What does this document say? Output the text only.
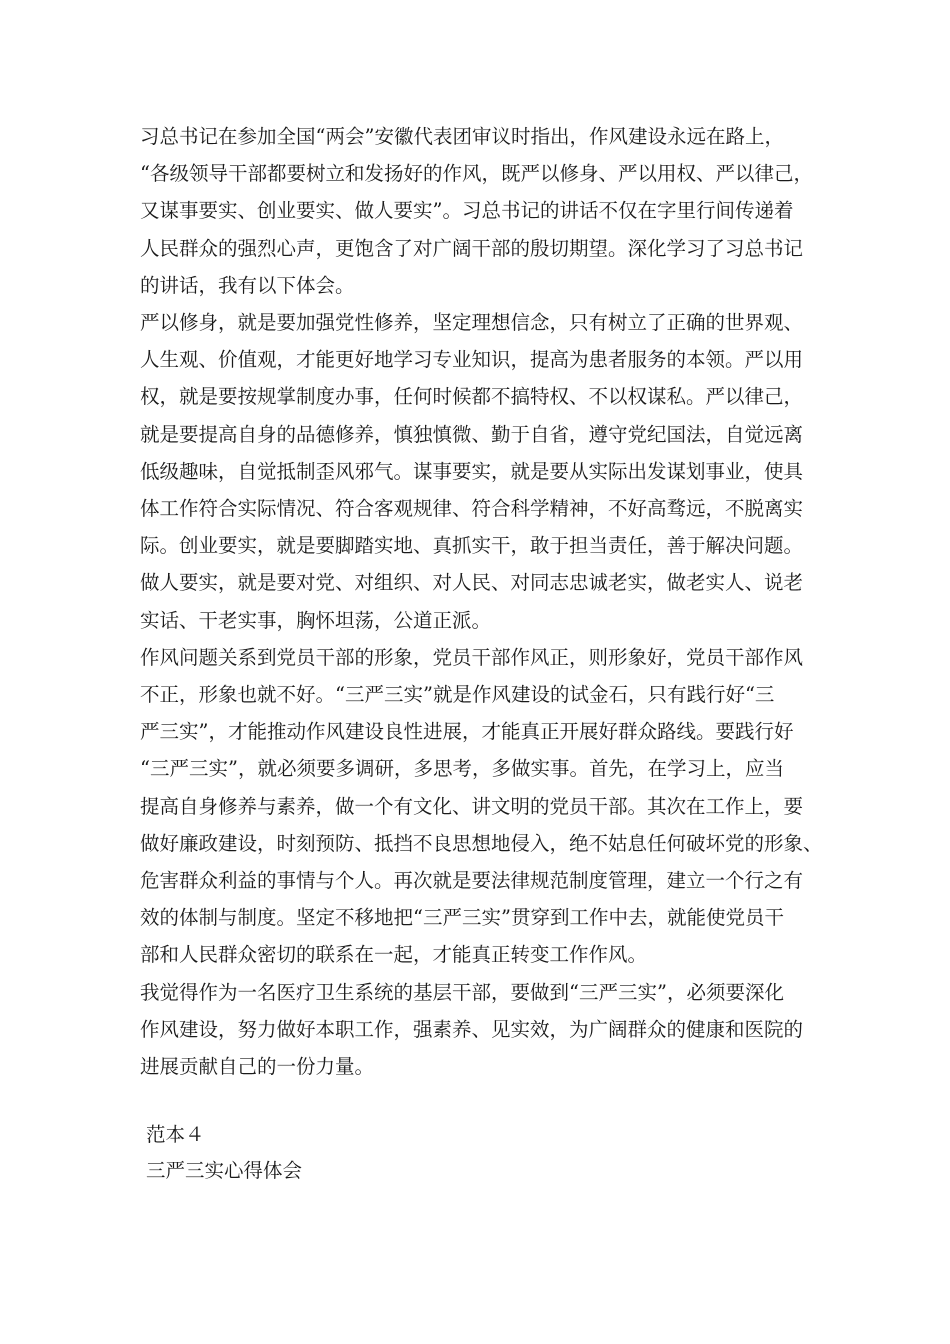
习总书记在参加全国“两会”安徽代表团审议时指出，作风建设永远在路上，
“各级领导干部都要树立和发扬好的作风，既严以修身、严以用权、严以律己，
又谋事要实、创业要实、做人要实”。习总书记的讲话不仅在字里行间传递着
人民群众的强烈心声，更饱含了对广阔干部的殷切期望。深化学习了习总书记
的讲话，我有以下体会。

严以修身，就是要加强党性修养，坚定理想信念，只有树立了正确的世界观、
人生观、价值观，才能更好地学习专业知识，提高为患者服务的本领。严以用
权，就是要按规掌制度办事，任何时候都不搞特权、不以权谋私。严以律己，
就是要提高自身的品德修养，慎独慎微、勤于自省，遵守党纪国法，自觉远离
低级趣味，自觉抵制歪风邪气。谋事要实，就是要从实际出发谋划事业，使具
体工作符合实际情况、符合客观规律、符合科学精神，不好高骛远，不脱离实
际。创业要实，就是要脚踏实地、真抓实干，敢于担当责任，善于解决问题。
做人要实，就是要对党、对组织、对人民、对同志忠诚老实，做老实人、说老
实话、干老实事，胸怀坦荡，公道正派。

作风问题关系到党员干部的形象，党员干部作风正，则形象好，党员干部作风
不正，形象也就不好。“三严三实”就是作风建设的试金石，只有践行好“三
严三实”，才能推动作风建设良性进展，才能真正开展好群众路线。要践行好
“三严三实”，就必须要多调研，多思考，多做实事。首先，在学习上，应当
提高自身修养与素养，做一个有文化、讲文明的党员干部。其次在工作上，要
做好廉政建设，时刻预防、抵挡不良思想地侵入，绝不姑息任何破坏党的形象、
危害群众利益的事情与个人。再次就是要法律规范制度管理，建立一个行之有
效的体制与制度。坚定不移地把“三严三实”贯穿到工作中去，就能使党员干
部和人民群众密切的联系在一起，才能真正转变工作作风。

我觉得作为一名医疗卫生系统的基层干部，要做到“三严三实”，必须要深化
作风建设，努力做好本职工作，强素养、见实效，为广阔群众的健康和医院的
进展贡献自己的一份力量。

范本４
三严三实心得体会
